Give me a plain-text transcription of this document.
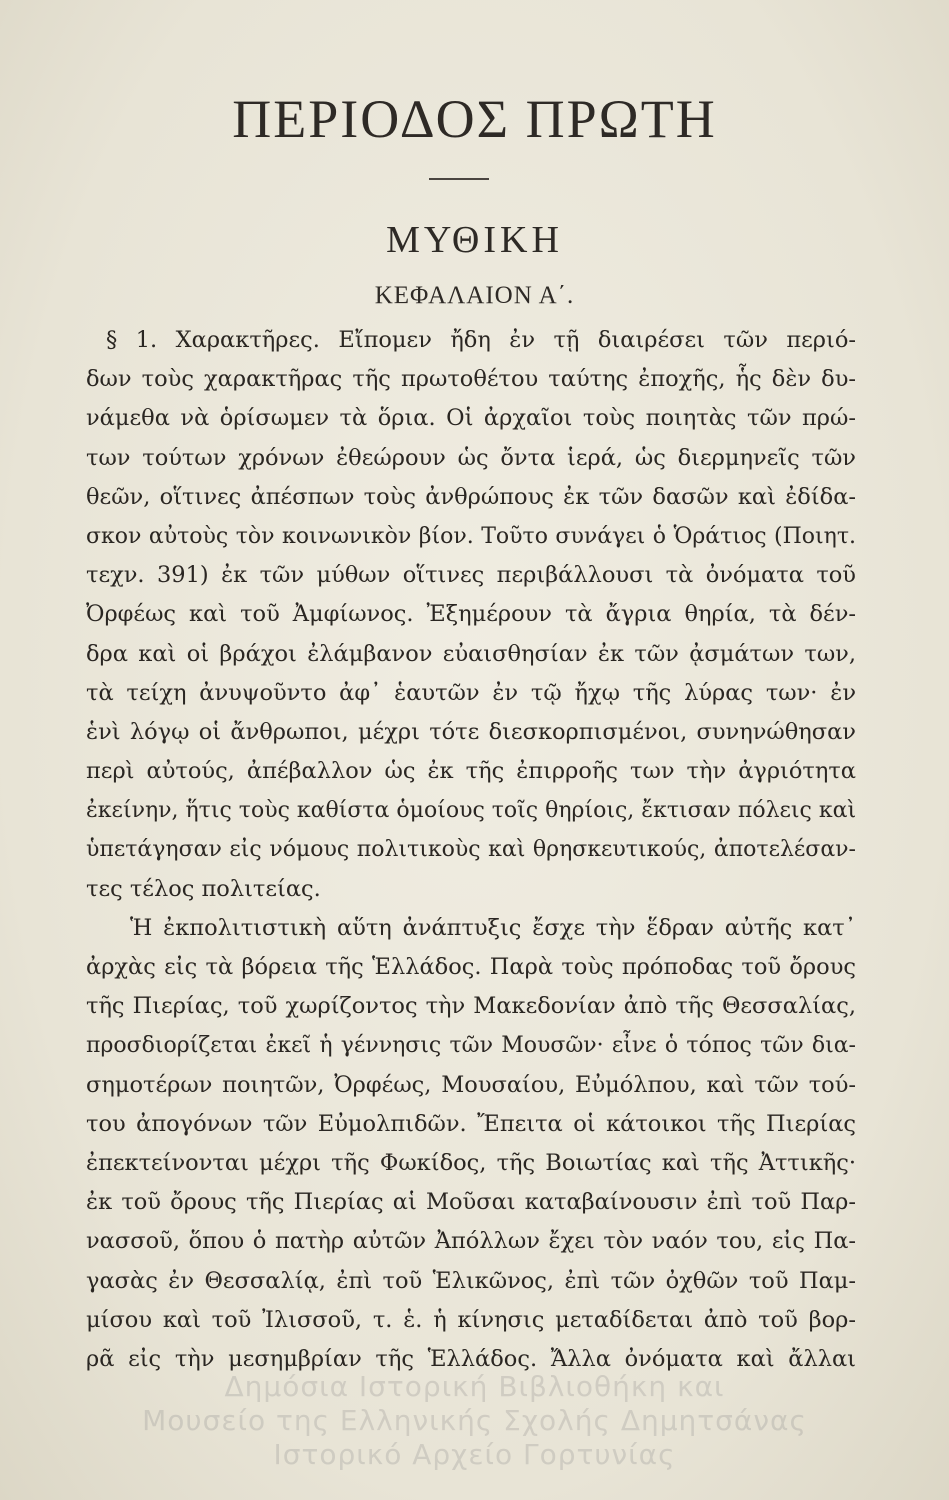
ΠΕΡΙΟΔΟΣ ΠΡΩΤΗ
ΜΥΘΙΚΗ
ΚΕΦΑΛΑΙΟΝ Α΄.
§ 1. Χαρακτῆρες. Εἴπομεν ἤδη ἐν τῇ διαιρέσει τῶν περιό-
δων τοὺς χαρακτῆρας τῆς πρωτοθέτου ταύτης ἐποχῆς, ἧς δὲν δυ-
νάμεθα νὰ ὁρίσωμεν τὰ ὅρια. Οἱ ἀρχαῖοι τοὺς ποιητὰς τῶν πρώ-
των τούτων χρόνων ἐθεώρουν ὡς ὄντα ἱερά, ὡς διερμηνεῖς τῶν
θεῶν, οἵτινες ἀπέσπων τοὺς ἀνθρώπους ἐκ τῶν δασῶν καὶ ἐδίδα-
σκον αὐτοὺς τὸν κοινωνικὸν βίον. Τοῦτο συνάγει ὁ Ὁράτιος (Ποιητ.
τεχν. 391) ἐκ τῶν μύθων οἵτινες περιβάλλουσι τὰ ὀνόματα τοῦ
Ὀρφέως καὶ τοῦ Ἀμφίωνος. Ἐξημέρουν τὰ ἄγρια θηρία, τὰ δέν-
δρα καὶ οἱ βράχοι ἐλάμβανον εὐαισθησίαν ἐκ τῶν ᾀσμάτων των,
τὰ τείχη ἀνυψοῦντο ἀφ᾽ ἑαυτῶν ἐν τῷ ἤχῳ τῆς λύρας των· ἐν
ἑνὶ λόγῳ οἱ ἄνθρωποι, μέχρι τότε διεσκορπισμένοι, συνηνώθησαν
περὶ αὐτούς, ἀπέβαλλον ὡς ἐκ τῆς ἐπιρροῆς των τὴν ἀγριότητα
ἐκείνην, ἥτις τοὺς καθίστα ὁμοίους τοῖς θηρίοις, ἔκτισαν πόλεις καὶ
ὑπετάγησαν εἰς νόμους πολιτικοὺς καὶ θρησκευτικούς, ἀποτελέσαν-
τες τέλος πολιτείας.
Ἡ ἐκπολιτιστικὴ αὕτη ἀνάπτυξις ἔσχε τὴν ἕδραν αὐτῆς κατ᾽
ἀρχὰς εἰς τὰ βόρεια τῆς Ἑλλάδος. Παρὰ τοὺς πρόποδας τοῦ ὄρους
τῆς Πιερίας, τοῦ χωρίζοντος τὴν Μακεδονίαν ἀπὸ τῆς Θεσσαλίας,
προσδιορίζεται ἐκεῖ ἡ γέννησις τῶν Μουσῶν· εἶνε ὁ τόπος τῶν δια-
σημοτέρων ποιητῶν, Ὀρφέως, Μουσαίου, Εὐμόλπου, καὶ τῶν τού-
του ἀπογόνων τῶν Εὐμολπιδῶν. Ἔπειτα οἱ κάτοικοι τῆς Πιερίας
ἐπεκτείνονται μέχρι τῆς Φωκίδος, τῆς Βοιωτίας καὶ τῆς Ἀττικῆς·
ἐκ τοῦ ὄρους τῆς Πιερίας αἱ Μοῦσαι καταβαίνουσιν ἐπὶ τοῦ Παρ-
νασσοῦ, ὅπου ὁ πατὴρ αὐτῶν Ἀπόλλων ἔχει τὸν ναόν του, εἰς Πα-
γασὰς ἐν Θεσσαλίᾳ, ἐπὶ τοῦ Ἑλικῶνος, ἐπὶ τῶν ὀχθῶν τοῦ Παμ-
μίσου καὶ τοῦ Ἰλισσοῦ, τ. ἑ. ἡ κίνησις μεταδίδεται ἀπὸ τοῦ βορ-
ρᾶ εἰς τὴν μεσημβρίαν τῆς Ἑλλάδος. Ἄλλα ὀνόματα καὶ ἄλλαι
Δημόσια Ιστορική Βιβλιοθήκη και
Μουσείο της Ελληνικής Σχολής Δημητσάνας
Ιστορικό Αρχείο Γορτυνίας
